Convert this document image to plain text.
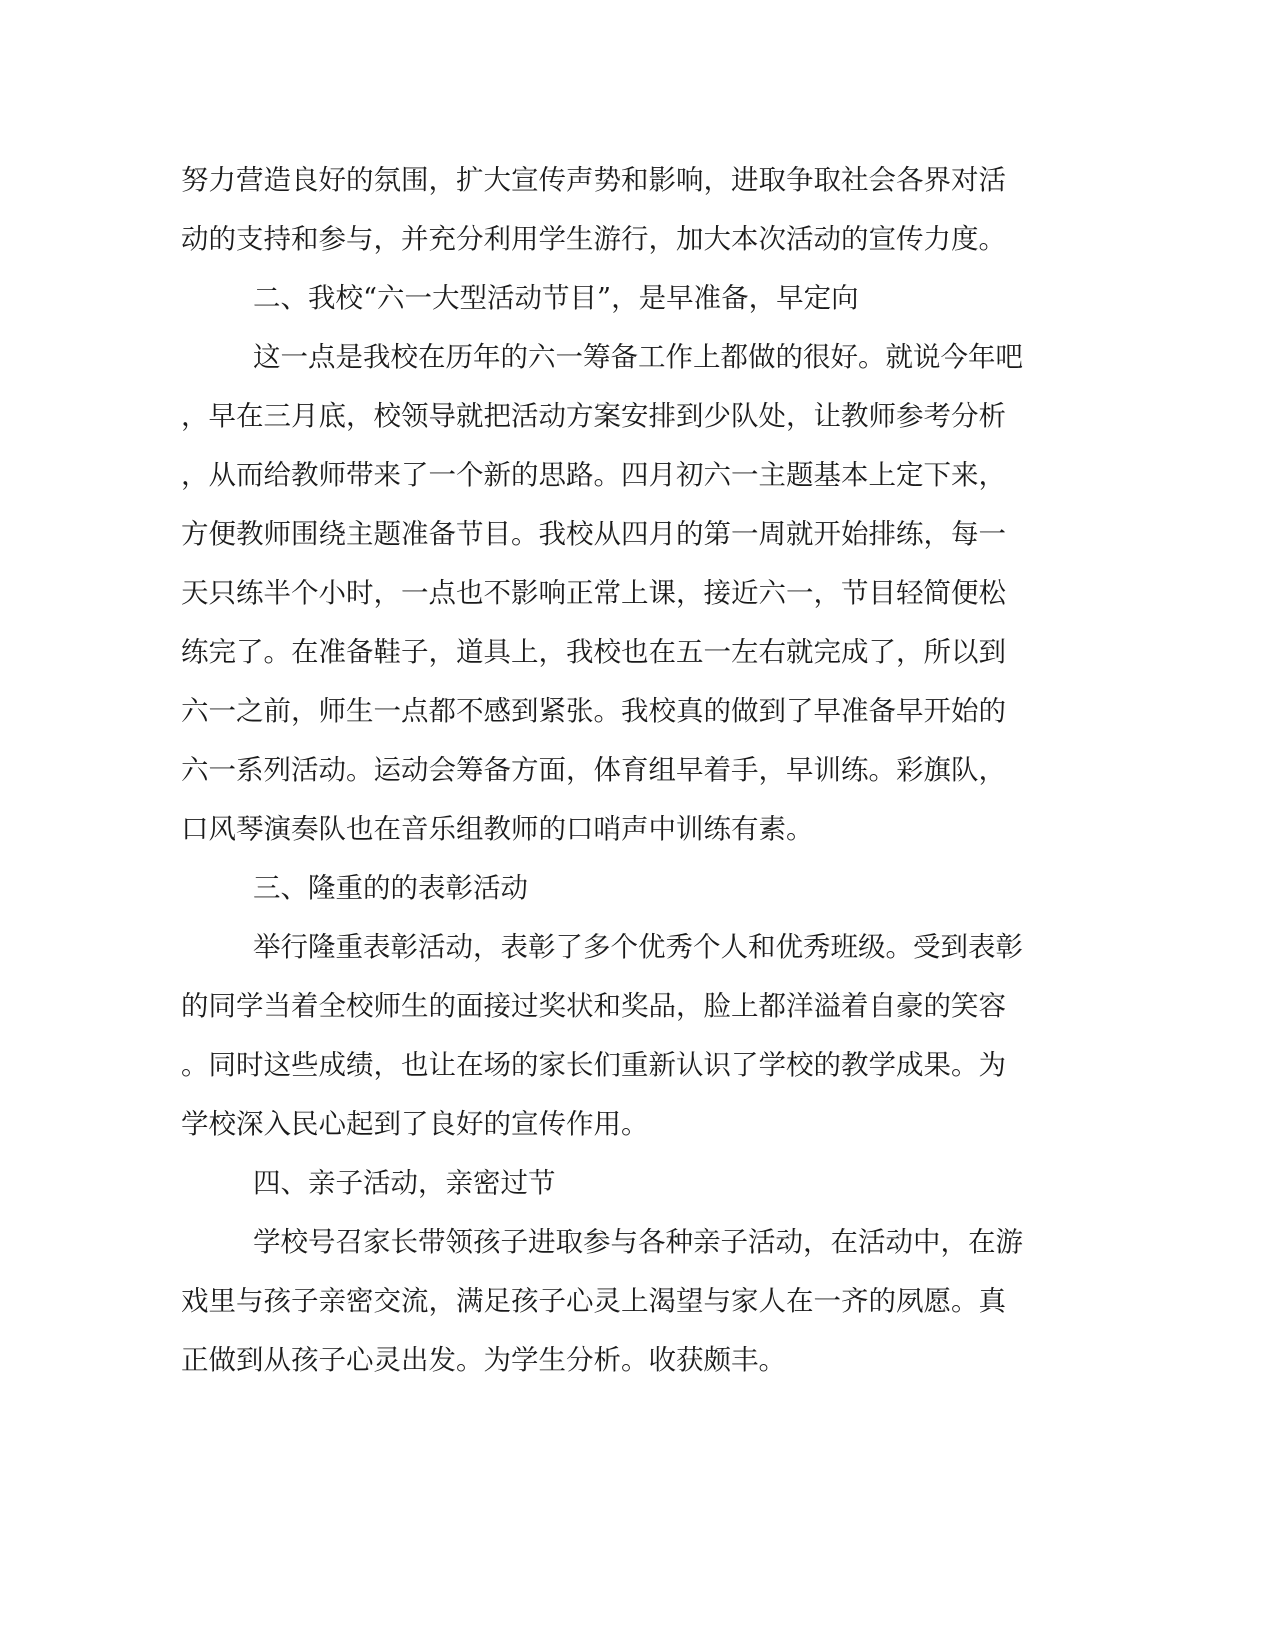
努力营造良好的氛围，扩大宣传声势和影响，进取争取社会各界对活
动的支持和参与，并充分利用学生游行，加大本次活动的宣传力度。
二、我校“六一大型活动节目”，是早准备，早定向
这一点是我校在历年的六一筹备工作上都做的很好。就说今年吧
，早在三月底，校领导就把活动方案安排到少队处，让教师参考分析
，从而给教师带来了一个新的思路。四月初六一主题基本上定下来，
方便教师围绕主题准备节目。我校从四月的第一周就开始排练，每一
天只练半个小时，一点也不影响正常上课，接近六一，节目轻简便松
练完了。在准备鞋子，道具上，我校也在五一左右就完成了，所以到
六一之前，师生一点都不感到紧张。我校真的做到了早准备早开始的
六一系列活动。运动会筹备方面，体育组早着手，早训练。彩旗队，
口风琴演奏队也在音乐组教师的口哨声中训练有素。
三、隆重的的表彰活动
举行隆重表彰活动，表彰了多个优秀个人和优秀班级。受到表彰
的同学当着全校师生的面接过奖状和奖品，脸上都洋溢着自豪的笑容
。同时这些成绩，也让在场的家长们重新认识了学校的教学成果。为
学校深入民心起到了良好的宣传作用。
四、亲子活动，亲密过节
学校号召家长带领孩子进取参与各种亲子活动，在活动中，在游
戏里与孩子亲密交流，满足孩子心灵上渴望与家人在一齐的夙愿。真
正做到从孩子心灵出发。为学生分析。收获颇丰。
